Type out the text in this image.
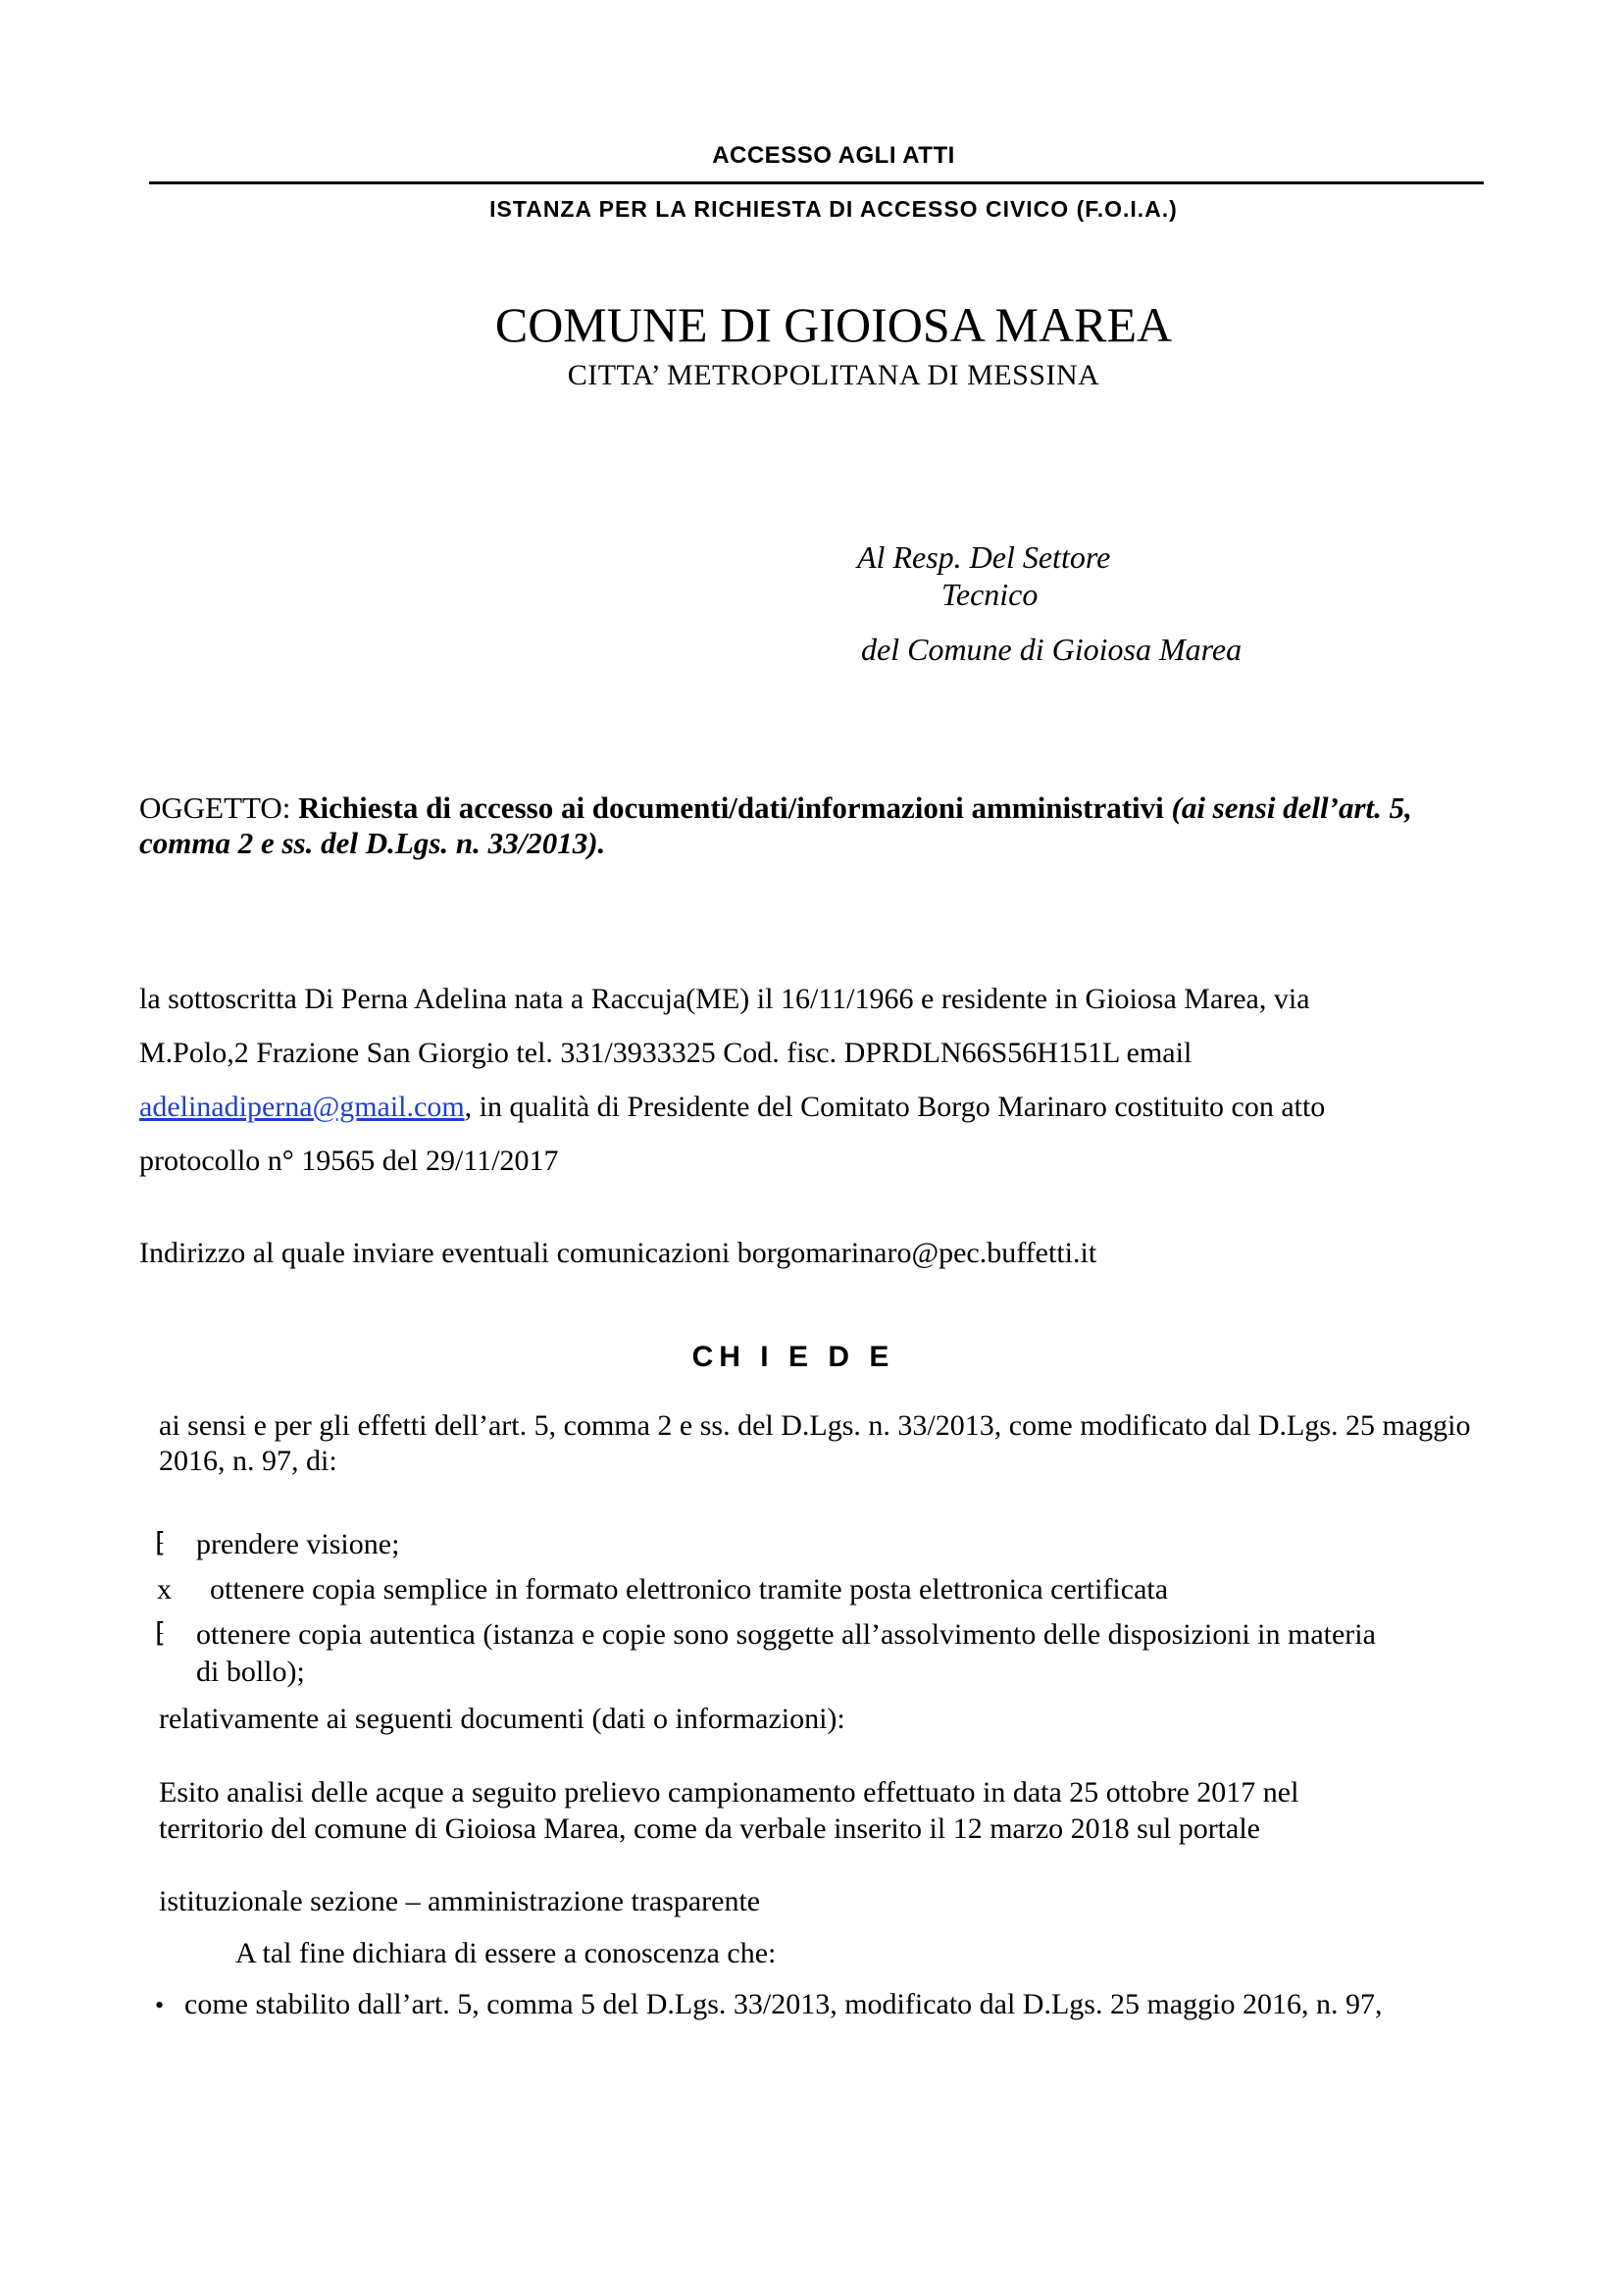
ACCESSO AGLI ATTI
ISTANZA PER LA RICHIESTA DI ACCESSO CIVICO (F.O.I.A.)
COMUNE DI GIOIOSA MAREA
CITTA’ METROPOLITANA DI MESSINA
Al Resp. Del Settore
Tecnico
del Comune di Gioiosa Marea
OGGETTO: Richiesta di accesso ai documenti/dati/informazioni amministrativi (ai sensi dell’art. 5, comma 2 e ss. del D.Lgs. n. 33/2013).
la sottoscritta Di Perna Adelina nata a Raccuja(ME) il 16/11/1966 e residente in Gioiosa Marea, via
M.Polo,2 Frazione San Giorgio tel. 331/3933325 Cod. fisc. DPRDLN66S56H151L email
adelinadiperna@gmail.com, in qualità di Presidente del Comitato Borgo Marinaro costituito con atto
protocollo n° 19565 del 29/11/2017
Indirizzo al quale inviare eventuali comunicazioni borgomarinaro@pec.buffetti.it
CH I E D E
ai sensi e per gli effetti dell’art. 5, comma 2 e ss. del D.Lgs. n. 33/2013, come modificato dal D.Lgs. 25 maggio 2016, n. 97, di:
⁅ prendere visione;
x ottenere copia semplice in formato elettronico tramite posta elettronica certificata
⁅ ottenere copia autentica (istanza e copie sono soggette all’assolvimento delle disposizioni in materia
di bollo);
relativamente ai seguenti documenti (dati o informazioni):
Esito analisi delle acque a seguito prelievo campionamento effettuato in data 25 ottobre 2017 nel
territorio del comune di Gioiosa Marea, come da verbale inserito il 12 marzo 2018 sul portale
istituzionale sezione – amministrazione trasparente
A tal fine dichiara di essere a conoscenza che:
• come stabilito dall’art. 5, comma 5 del D.Lgs. 33/2013, modificato dal D.Lgs. 25 maggio 2016, n. 97,
